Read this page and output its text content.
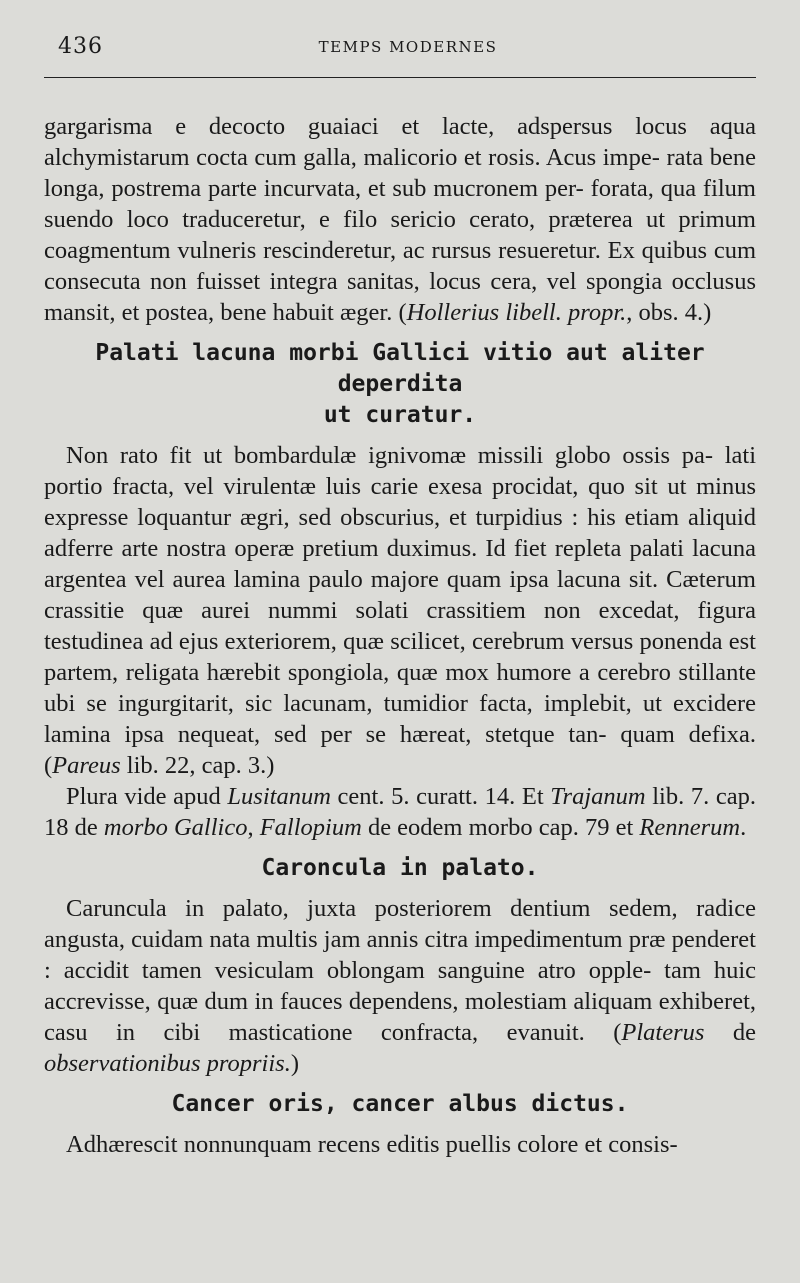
436	TEMPS MODERNES

gargarisma e decocto guaiaci et lacte, adspersus locus aqua alchymistarum cocta cum galla, malicorio et rosis. Acus impe- rata bene longa, postrema parte incurvata, et sub mucronem per- forata, qua filum suendo loco traduceretur, e filo sericio cerato, præterea ut primum coagmentum vulneris rescinderetur, ac rursus resueretur. Ex quibus cum consecuta non fuisset integra sanitas, locus cera, vel spongia occlusus mansit, et postea, bene habuit æger. (Hollerius libell. propr., obs. 4.)

Palati lacuna morbi Gallici vitio aut aliter deperdita
ut curatur.

Non rato fit ut bombardulæ ignivomæ missili globo ossis pa- lati portio fracta, vel virulentæ luis carie exesa procidat, quo sit ut minus expresse loquantur ægri, sed obscurius, et turpidius : his etiam aliquid adferre arte nostra operæ pretium duximus. Id fiet repleta palati lacuna argentea vel aurea lamina paulo majore quam ipsa lacuna sit. Cæterum crassitie quæ aurei nummi solati crassitiem non excedat, figura testudinea ad ejus exteriorem, quæ scilicet, cerebrum versus ponenda est partem, religata hærebit spongiola, quæ mox humore a cerebro stillante ubi se ingurgitarit, sic lacunam, tumidior facta, implebit, ut excidere lamina ipsa nequeat, sed per se hæreat, stetque tan- quam defixa. (Pareus lib. 22, cap. 3.)

Plura vide apud Lusitanum cent. 5. curatt. 14. Et Trajanum lib. 7. cap. 18 de morbo Gallico, Fallopium de eodem morbo cap. 79 et Rennerum.

Caroncula in palato.

Caruncula in palato, juxta posteriorem dentium sedem, radice angusta, cuidam nata multis jam annis citra impedimentum præ penderet : accidit tamen vesiculam oblongam sanguine atro opple- tam huic accrevisse, quæ dum in fauces dependens, molestiam aliquam exhiberet, casu in cibi masticatione confracta, evanuit. (Platerus de observationibus propriis.)

Cancer oris, cancer albus dictus.

Adhærescit nonnunquam recens editis puellis colore et consis-
